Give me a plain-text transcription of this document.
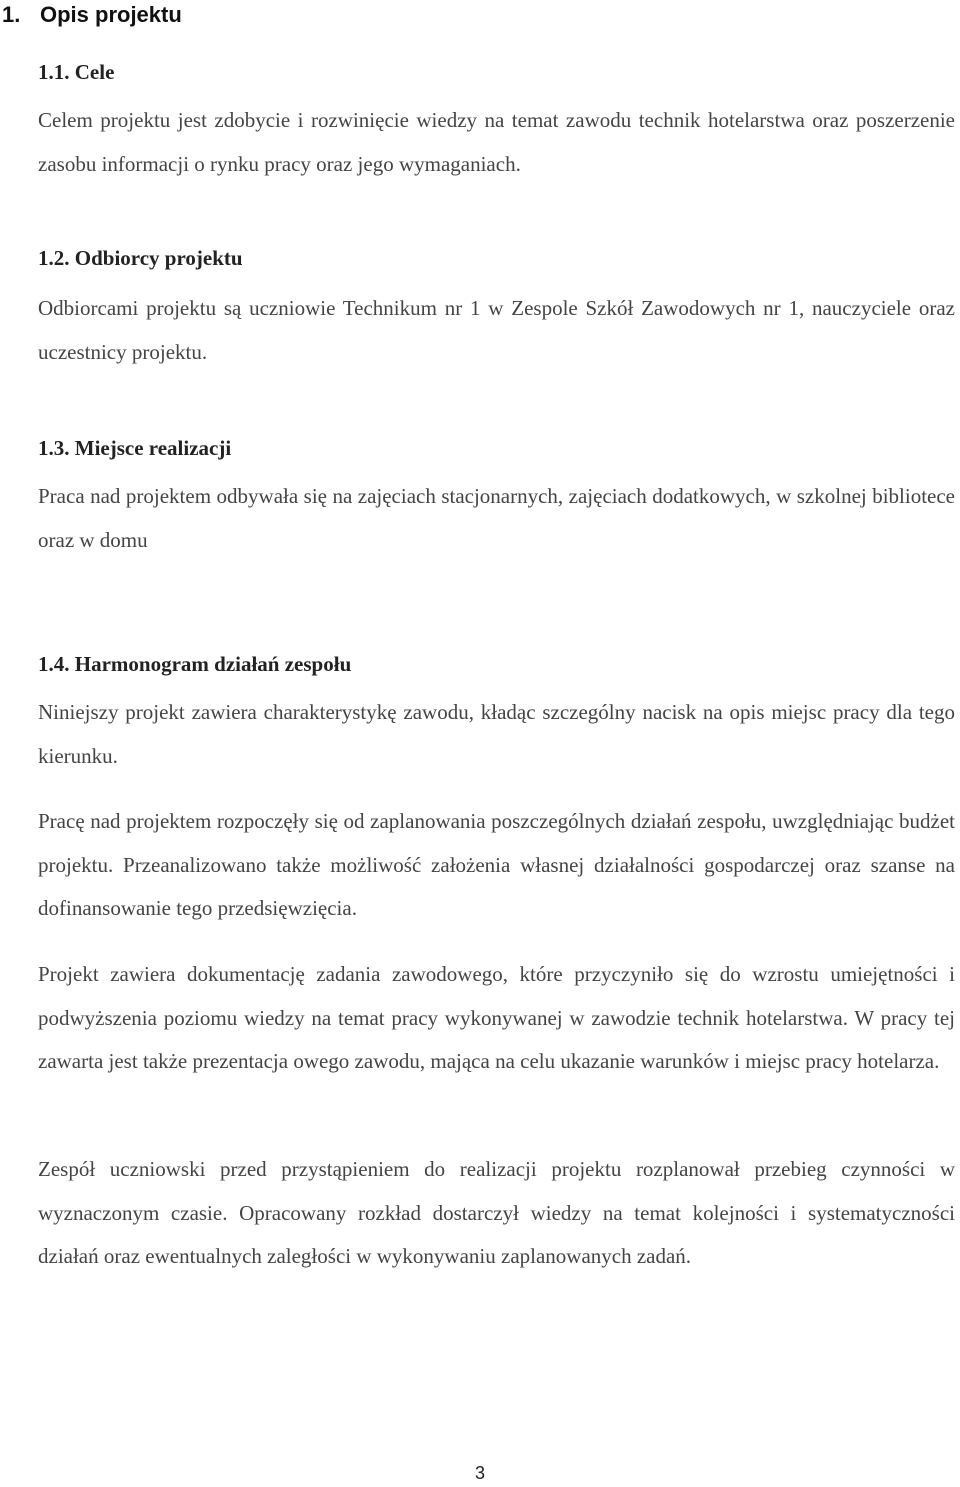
1. Opis projektu
1.1. Cele

Celem projektu jest zdobycie i rozwinięcie wiedzy na temat zawodu technik hotelarstwa oraz poszerzenie zasobu informacji o rynku pracy oraz jego wymaganiach.

1.2. Odbiorcy projektu

Odbiorcami projektu są uczniowie Technikum nr 1 w Zespole Szkół Zawodowych nr 1, nauczyciele oraz uczestnicy projektu.

1.3. Miejsce realizacji

Praca nad projektem odbywała się na zajęciach stacjonarnych, zajęciach dodatkowych, w szkolnej bibliotece oraz w domu

1.4. Harmonogram działań zespołu

Niniejszy projekt zawiera charakterystykę zawodu, kładąc szczególny nacisk na opis miejsc pracy dla tego kierunku.

Pracę nad projektem rozpoczęły się od zaplanowania poszczególnych działań zespołu, uwzględniając budżet projektu. Przeanalizowano także możliwość założenia własnej działalności gospodarczej oraz szanse na dofinansowanie tego przedsięwzięcia.

Projekt zawiera dokumentację zadania zawodowego, które przyczyniło się do wzrostu umiejętności i podwyższenia poziomu wiedzy na temat pracy wykonywanej w zawodzie technik hotelarstwa. W pracy tej zawarta jest także prezentacja owego zawodu, mająca na celu ukazanie warunków i miejsc pracy hotelarza.

Zespół uczniowski przed przystąpieniem do realizacji projektu rozplanował przebieg czynności w wyznaczonym czasie. Opracowany rozkład dostarczył wiedzy na temat kolejności i systematyczności działań oraz ewentualnych zaległości w wykonywaniu zaplanowanych zadań.

3
